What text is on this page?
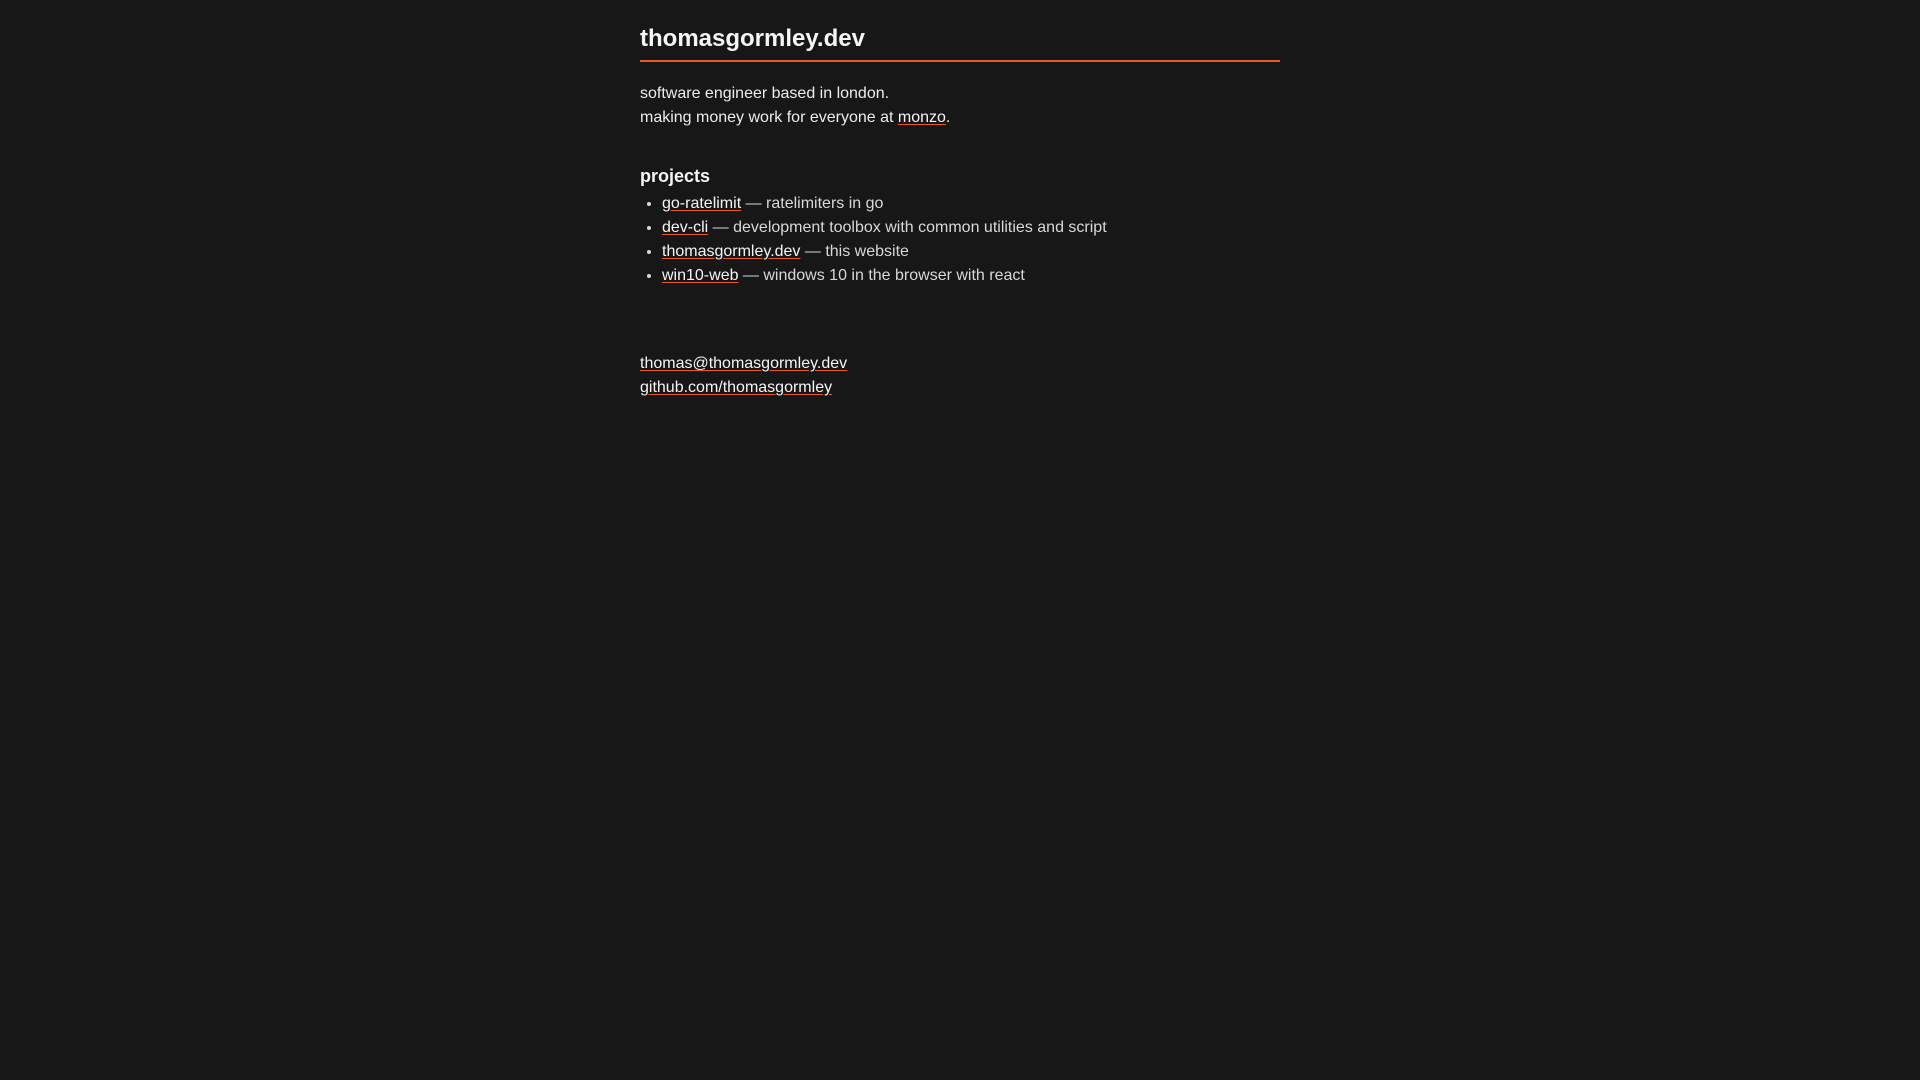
thomasgormley.dev
software engineer based in london.
making money work for everyone at monzo.
projects
• go-ratelimit — ratelimiters in go
• dev-cli — development toolbox with common utilities and script
• thomasgormley.dev — this website
• win10-web — windows 10 in the browser with react
thomas@thomasgormley.dev
github.com/thomasgormley
